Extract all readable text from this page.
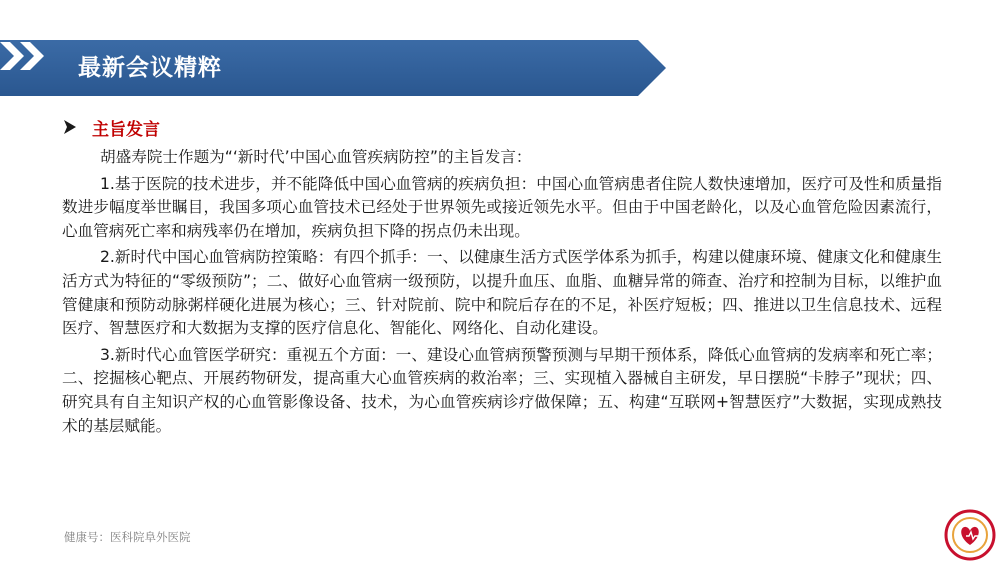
最新会议精粹
主旨发言

胡盛寿院士作题为“‘新时代’中国心血管疾病防控”的主旨发言：

1.基于医院的技术进步，并不能降低中国心血管病的疾病负担：中国心血管病患者住院人数快速增加，医疗可及性和质量指数进步幅度举世瞩目，我国多项心血管技术已经处于世界领先或接近领先水平。但由于中国老龄化，以及心血管危险因素流行，心血管病死亡率和病残率仍在增加，疾病负担下降的拐点仍未出现。

2.新时代中国心血管病防控策略：有四个抓手：一、以健康生活方式医学体系为抓手，构建以健康环境、健康文化和健康生活方式为特征的“零级预防”；二、做好心血管病一级预防，以提升血压、血脂、血糖异常的筛查、治疗和控制为目标，以维护血管健康和预防动脉粥样硬化进展为核心；三、针对院前、院中和院后存在的不足，补医疗短板；四、推进以卫生信息技术、远程医疗、智慧医疗和大数据为支撑的医疗信息化、智能化、网络化、自动化建设。

3.新时代心血管医学研究：重视五个方面：一、建设心血管病预警预测与早期干预体系，降低心血管病的发病率和死亡率；二、挖掘核心靶点、开展药物研发，提高重大心血管疾病的救治率；三、实现植入器械自主研发，早日摆脱“卡脖子”现状；四、研究具有自主知识产权的心血管影像设备、技术，为心血管疾病诊疗做保障；五、构建“互联网+智慧医疗”大数据，实现成熟技术的基层赋能。

健康号：医科院阜外医院
